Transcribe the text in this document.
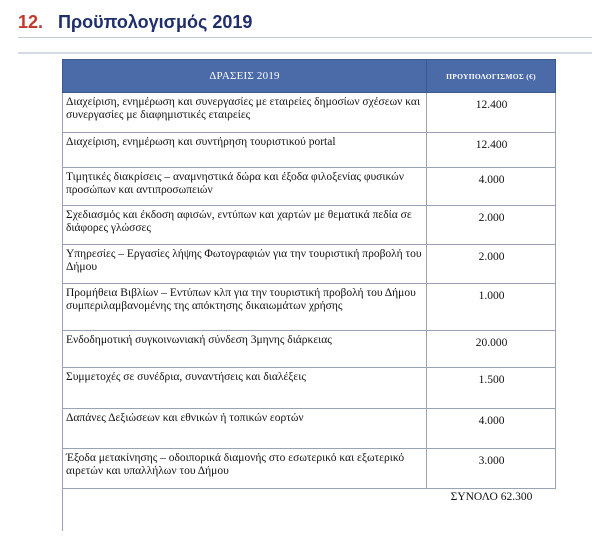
12. Προϋπολογισμός 2019
ΔΡΑΣΕΙΣ 2019	ΠΡΟΥΠΟΛΟΓΙΣΜΟΣ (€)
Διαχείριση, ενημέρωση και συνεργασίες με εταιρείες δημοσίων σχέσεων και συνεργασίες με διαφημιστικές εταιρείες	12.400
Διαχείριση, ενημέρωση και συντήρηση τουριστικού portal	12.400
Τιμητικές διακρίσεις – αναμνηστικά δώρα και έξοδα φιλοξενίας φυσικών προσώπων και αντιπροσωπειών	4.000
Σχεδιασμός και έκδοση αφισών, εντύπων και χαρτών με θεματικά πεδία σε διάφορες γλώσσες	2.000
Υπηρεσίες – Εργασίες λήψης Φωτογραφιών για την τουριστική προβολή του Δήμου	2.000
Προμήθεια Βιβλίων – Εντύπων κλπ για την τουριστική προβολή του Δήμου συμπεριλαμβανομένης της απόκτησης δικαιωμάτων χρήσης	1.000
Ενδοδημοτική συγκοινωνιακή σύνδεση 3μηνης διάρκειας	20.000
Συμμετοχές σε συνέδρια, συναντήσεις και διαλέξεις	1.500
Δαπάνες Δεξιώσεων και εθνικών ή τοπικών εορτών	4.000
Έξοδα μετακίνησης – οδοιπορικά διαμονής στο εσωτερικό και εξωτερικό αιρετών και υπαλλήλων του Δήμου	3.000
	ΣΥΝΟΛΟ 62.300
